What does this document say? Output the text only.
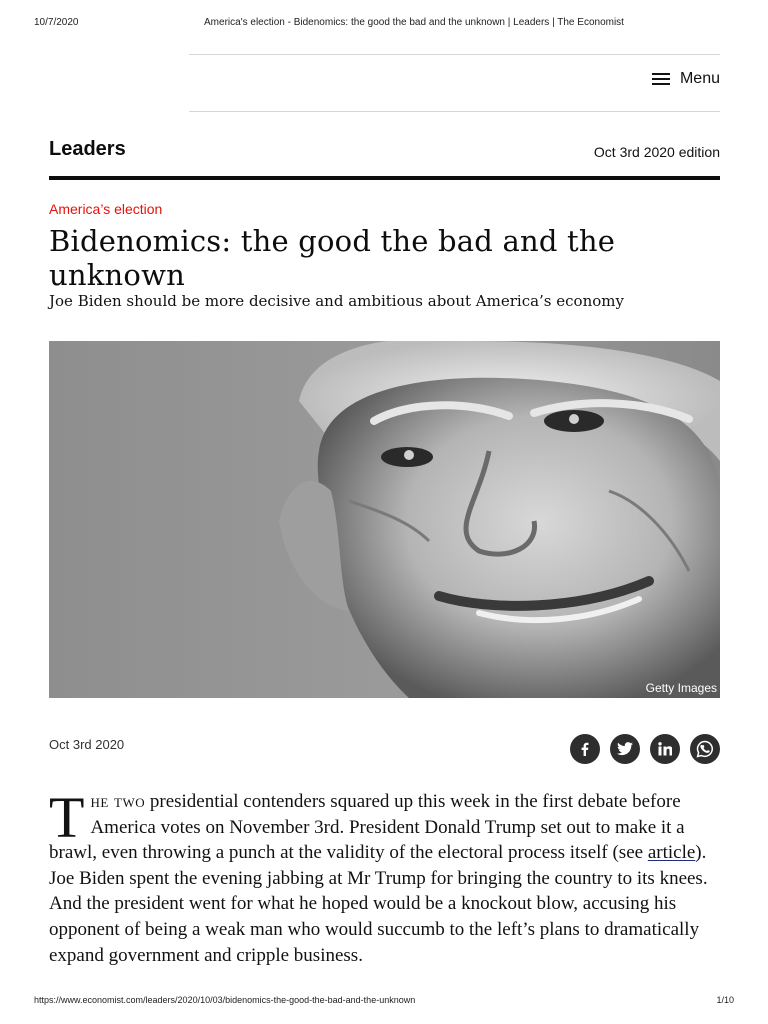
10/7/2020	America's election - Bidenomics: the good the bad and the unknown | Leaders | The Economist
Menu
Leaders	Oct 3rd 2020 edition
America’s election
Bidenomics: the good the bad and the unknown

Joe Biden should be more decisive and ambitious about America’s economy

Getty Images
Oct 3rd 2020
The two presidential contenders squared up this week in the first debate before America votes on November 3rd. President Donald Trump set out to make it a brawl, even throwing a punch at the validity of the electoral process itself (see article). Joe Biden spent the evening jabbing at Mr Trump for bringing the country to its knees. And the president went for what he hoped would be a knockout blow, accusing his opponent of being a weak man who would succumb to the left’s plans to dramatically expand government and cripple business.
https://www.economist.com/leaders/2020/10/03/bidenomics-the-good-the-bad-and-the-unknown	1/10
